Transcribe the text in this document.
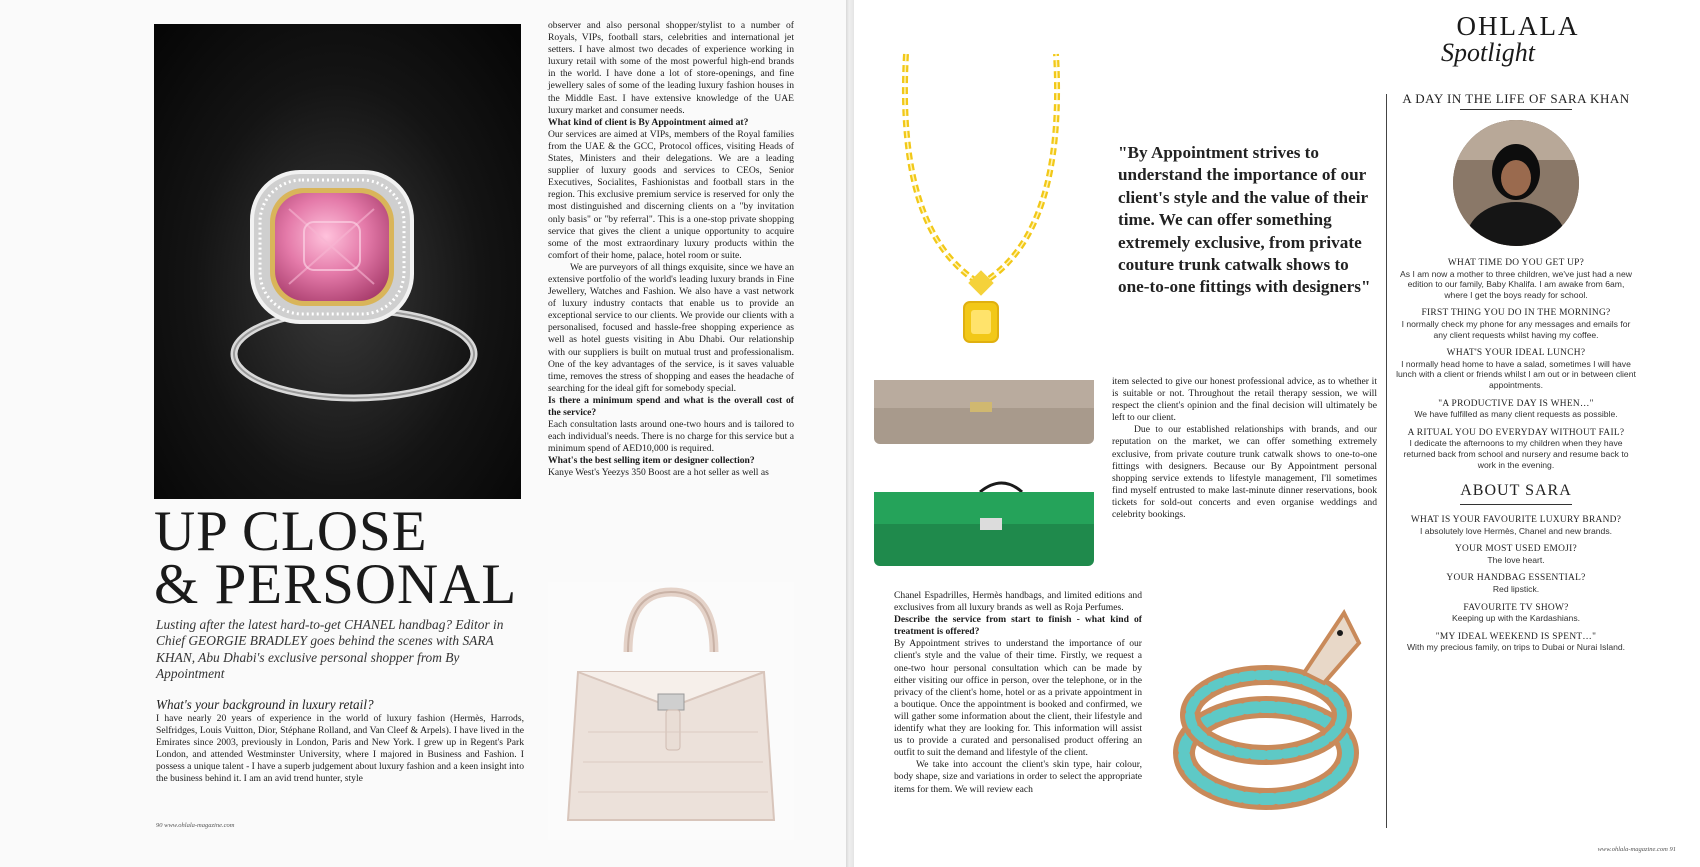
UP CLOSE
& PERSONAL
Lusting after the latest hard-to-get CHANEL handbag? Editor in Chief GEORGIE BRADLEY goes behind the scenes with SARA KHAN, Abu Dhabi's exclusive personal shopper from By Appointment
What's your background in luxury retail?
I have nearly 20 years of experience in the world of luxury fashion (Hermès, Harrods, Selfridges, Louis Vuitton, Dior, Stéphane Rolland, and Van Cleef & Arpels). I have lived in the Emirates since 2003, previously in London, Paris and New York. I grew up in Regent's Park London, and attended Westminster University, where I majored in Business and Fashion. I possess a unique talent - I have a superb judgement about luxury fashion and a keen insight into the business behind it. I am an avid trend hunter, style

observer and also personal shopper/stylist to a number of Royals, VIPs, football stars, celebrities and international jet setters. I have almost two decades of experience working in luxury retail with some of the most powerful high-end brands in the world. I have done a lot of store-openings, and fine jewellery sales of some of the leading luxury fashion houses in the Middle East. I have extensive knowledge of the UAE luxury market and consumer needs.

What kind of client is By Appointment aimed at?

Our services are aimed at VIPs, members of the Royal families from the UAE & the GCC, Protocol offices, visiting Heads of States, Ministers and their delegations. We are a leading supplier of luxury goods and services to CEOs, Senior Executives, Socialites, Fashionistas and football stars in the region. This exclusive premium service is reserved for only the most distinguished and discerning clients on a "by invitation only basis" or "by referral". This is a one-stop private shopping service that gives the client a unique opportunity to acquire some of the most extraordinary luxury products within the comfort of their home, palace, hotel room or suite.

We are purveyors of all things exquisite, since we have an extensive portfolio of the world's leading luxury brands in Fine Jewellery, Watches and Fashion. We also have a vast network of luxury industry contacts that enable us to provide an exceptional service to our clients. We provide our clients with a personalised, focused and hassle-free shopping experience as well as hotel guests visiting in Abu Dhabi. Our relationship with our suppliers is built on mutual trust and professionalism. One of the key advantages of the service, is it saves valuable time, removes the stress of shopping and eases the headache of searching for the ideal gift for somebody special.

Is there a minimum spend and what is the overall cost of the service?

Each consultation lasts around one-two hours and is tailored to each individual's needs. There is no charge for this service but a minimum spend of AED10,000 is required.

What's the best selling item or designer collection?

Kanye West's Yeezys 350 Boost are a hot seller as well as

90 www.ohlala-magazine.com
"By Appointment strives to understand the importance of our client's style and the value of their time. We can offer something extremely exclusive, from private couture trunk catwalk shows to one-to-one fittings with designers"

item selected to give our honest professional advice, as to whether it is suitable or not. Throughout the retail therapy session, we will respect the client's opinion and the final decision will ultimately be left to our client.

Due to our established relationships with brands, and our reputation on the market, we can offer something extremely exclusive, from private couture trunk catwalk shows to one-to-one fittings with designers. Because our By Appointment personal shopping service extends to lifestyle management, I'll sometimes find myself entrusted to make last-minute dinner reservations, book tickets for sold-out concerts and even organise weddings and celebrity bookings.

Chanel Espadrilles, Hermès handbags, and limited editions and exclusives from all luxury brands as well as Roja Perfumes.

Describe the service from start to finish - what kind of treatment is offered?

By Appointment strives to understand the importance of our client's style and the value of their time. Firstly, we request a one-two hour personal consultation which can be made by either visiting our office in person, over the telephone, or in the privacy of the client's home, hotel or as a private appointment in a boutique. Once the appointment is booked and confirmed, we will gather some information about the client, their lifestyle and identify what they are looking for. This information will assist us to provide a curated and personalised product offering an outfit to suit the demand and lifestyle of the client.

We take into account the client's skin type, hair colour, body shape, size and variations in order to select the appropriate items for them. We will review each

OHLALA
Spotlight
A DAY IN THE LIFE OF SARA KHAN
WHAT TIME DO YOU GET UP?
As I am now a mother to three children, we've just had a new edition to our family, Baby Khalifa. I am awake from 6am, where I get the boys ready for school.
FIRST THING YOU DO IN THE MORNING?
I normally check my phone for any messages and emails for any client requests whilst having my coffee.
WHAT'S YOUR IDEAL LUNCH?
I normally head home to have a salad, sometimes I will have lunch with a client or friends whilst I am out or in between client appointments.
"A PRODUCTIVE DAY IS WHEN…"
We have fulfilled as many client requests as possible.
A RITUAL YOU DO EVERYDAY WITHOUT FAIL?
I dedicate the afternoons to my children when they have returned back from school and nursery and resume back to work in the evening.
ABOUT SARA
WHAT IS YOUR FAVOURITE LUXURY BRAND?
I absolutely love Hermès, Chanel and new brands.
YOUR MOST USED EMOJI?
The love heart.
YOUR HANDBAG ESSENTIAL?
Red lipstick.
FAVOURITE TV SHOW?
Keeping up with the Kardashians.
"MY IDEAL WEEKEND IS SPENT…"
With my precious family, on trips to Dubai or Nurai Island.
www.ohlala-magazine.com 91
